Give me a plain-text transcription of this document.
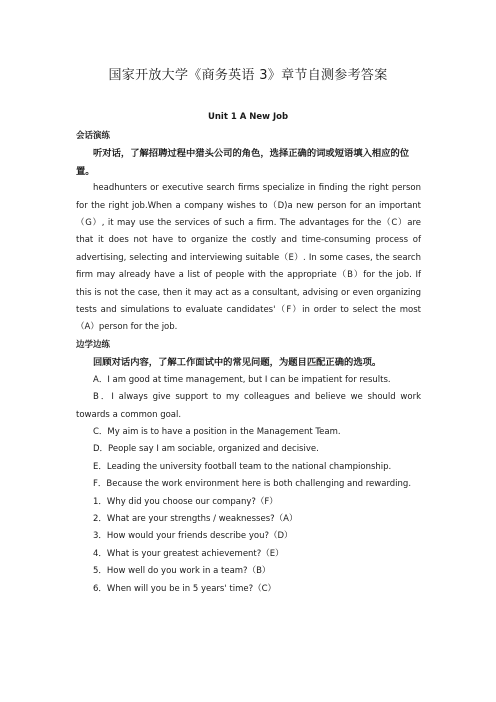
国家开放大学《商务英语 3》章节自测参考答案
Unit 1 A New Job

会话演练

听对话，了解招聘过程中猎头公司的角色，选择正确的词或短语填入相应的位置。

headhunters or executive search firms specialize in finding the right person for the right job.When a company wishes to（D)a new person for an important（G）, it may use the services of such a firm. The advantages for the（C）are that it does not have to organize the costly and time-consuming process of advertising, selecting and interviewing suitable（E）. In some cases, the search firm may already have a list of people with the appropriate（B）for the job. If this is not the case, then it may act as a consultant, advising or even organizing tests and simulations to evaluate candidates'（F）in order to select the most（A）person for the job.

边学边练

回顾对话内容，了解工作面试中的常见问题，为题目匹配正确的选项。

A．I am good at time management, but I can be impatient for results.

B．I always give support to my colleagues and believe we should work towards a common goal.

C．My aim is to have a position in the Management Team.

D．People say I am sociable, organized and decisive.

E．Leading the university football team to the national championship.

F．Because the work environment here is both challenging and rewarding.

1．Why did you choose our company?（F）

2．What are your strengths / weaknesses?（A）

3．How would your friends describe you?（D）

4．What is your greatest achievement?（E）

5．How well do you work in a team?（B）

6．When will you be in 5 years' time?（C）
